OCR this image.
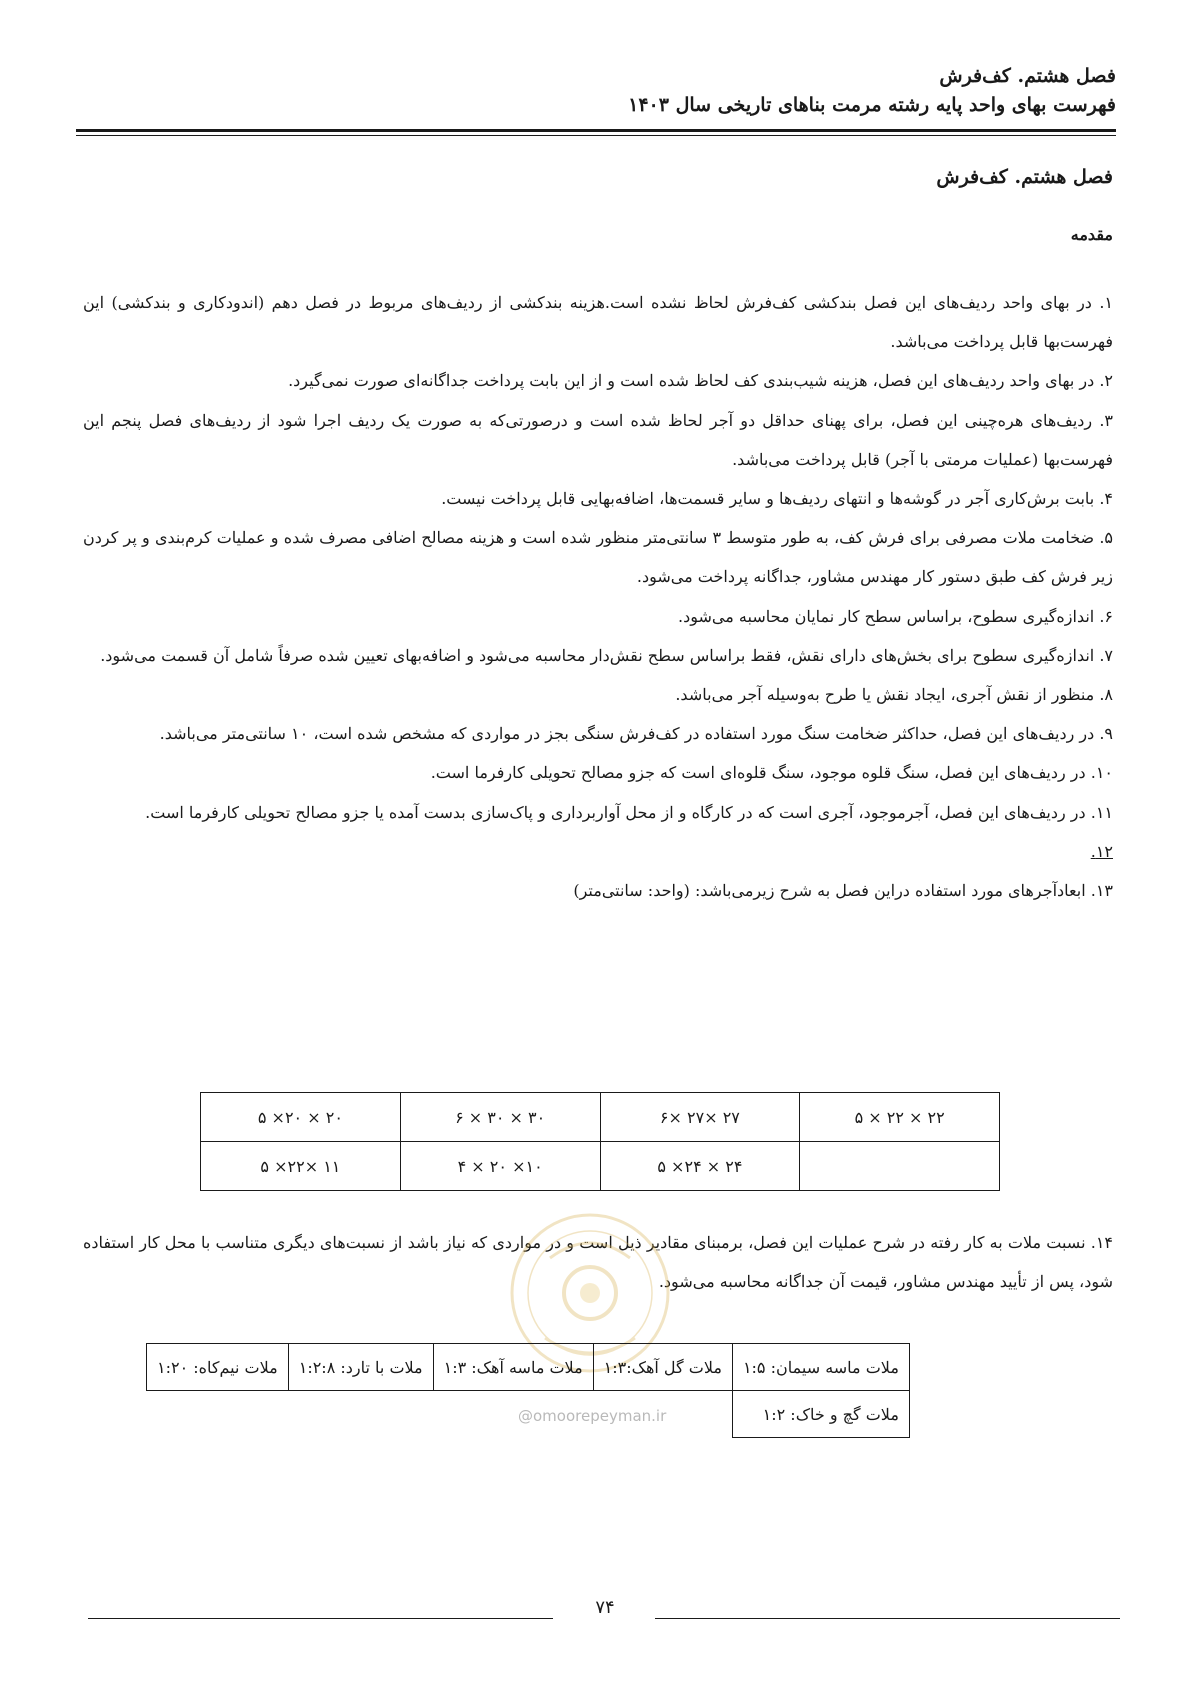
فصل هشتم. کف‌فرش
فهرست بهای واحد پایه رشته مرمت بناهای تاریخی سال ۱۴۰۳
فصل هشتم. کف‌فرش
مقدمه

۱. در بهای واحد ردیف‌های این فصل بندکشی کف‌فرش لحاظ نشده است.هزینه بندکشی از ردیف‌های مربوط در فصل دهم (اندودکاری و بندکشی) این فهرست‌بها قابل پرداخت می‌باشد.

۲. در بهای واحد ردیف‌های این فصل، هزینه شیب‌بندی کف لحاظ شده است و از این بابت پرداخت جداگانه‌ای صورت نمی‌گیرد.

۳. ردیف‌های هره‌چینی این فصل، برای پهنای حداقل دو آجر لحاظ شده است و درصورتی‌که به صورت یک ردیف اجرا شود از ردیف‌های فصل پنجم این فهرست‌بها (عملیات مرمتی با آجر) قابل پرداخت می‌باشد.

۴. بابت برش‌کاری آجر در گوشه‌ها و انتهای ردیف‌ها و سایر قسمت‌ها، اضافه‌بهایی قابل پرداخت نیست.

۵. ضخامت ملات مصرفی برای فرش کف، به طور متوسط ۳ سانتی‌متر منظور شده است و هزینه مصالح اضافی مصرف شده و عملیات کرم‌بندی و پر کردن زیر فرش کف طبق دستور کار مهندس مشاور، جداگانه پرداخت می‌شود.

۶. اندازه‌گیری سطوح، براساس سطح کار نمایان محاسبه می‌شود.

۷. اندازه‌گیری سطوح برای بخش‌های دارای نقش، فقط براساس سطح نقش‌دار محاسبه می‌شود و اضافه‌بهای تعیین شده صرفاً شامل آن قسمت می‌شود.

۸. منظور از نقش آجری، ایجاد نقش یا طرح به‌وسیله آجر می‌باشد.

۹. در ردیف‌های این فصل، حداکثر ضخامت سنگ مورد استفاده در کف‌فرش سنگی بجز در مواردی که مشخص شده است، ۱۰ سانتی‌متر می‌باشد.

۱۰. در ردیف‌های این فصل، سنگ قلوه موجود، سنگ قلوه‌ای است که جزو مصالح تحویلی کارفرما است.

۱۱. در ردیف‌های این فصل، آجرموجود، آجری است که در کارگاه و از محل آواربرداری و پاک‌سازی بدست آمده یا جزو مصالح تحویلی کارفرما است.

۱۲.

۱۳. ابعادآجرهای مورد استفاده دراین فصل به شرح زیرمی‌باشد: (واحد: سانتی‌متر)

۲۲ × ۲۲ × ۵	۲۷ ×۲۷ ×۶	۳۰ × ۳۰ × ۶	۲۰ × ۲۰× ۵
	۲۴ × ۲۴× ۵	۱۰× ۲۰ × ۴	۱۱ ×۲۲× ۵
۱۴. نسبت ملات به کار رفته در شرح عملیات این فصل، برمبنای مقادیر ذیل است و در مواردی که نیاز باشد از نسبت‌های دیگری متناسب با محل کار استفاده شود، پس از تأیید مهندس مشاور، قیمت آن جداگانه محاسبه می‌شود.
@omoorepeyman.ir
ملات ماسه سیمان: ۱:۵	ملات گل آهک:۱:۳	ملات ماسه آهک: ۱:۳	ملات با تارد: ۱:۲:۸	ملات نیم‌کاه: ۱:۲۰
ملات گچ و خاک: ۱:۲				
۷۴
